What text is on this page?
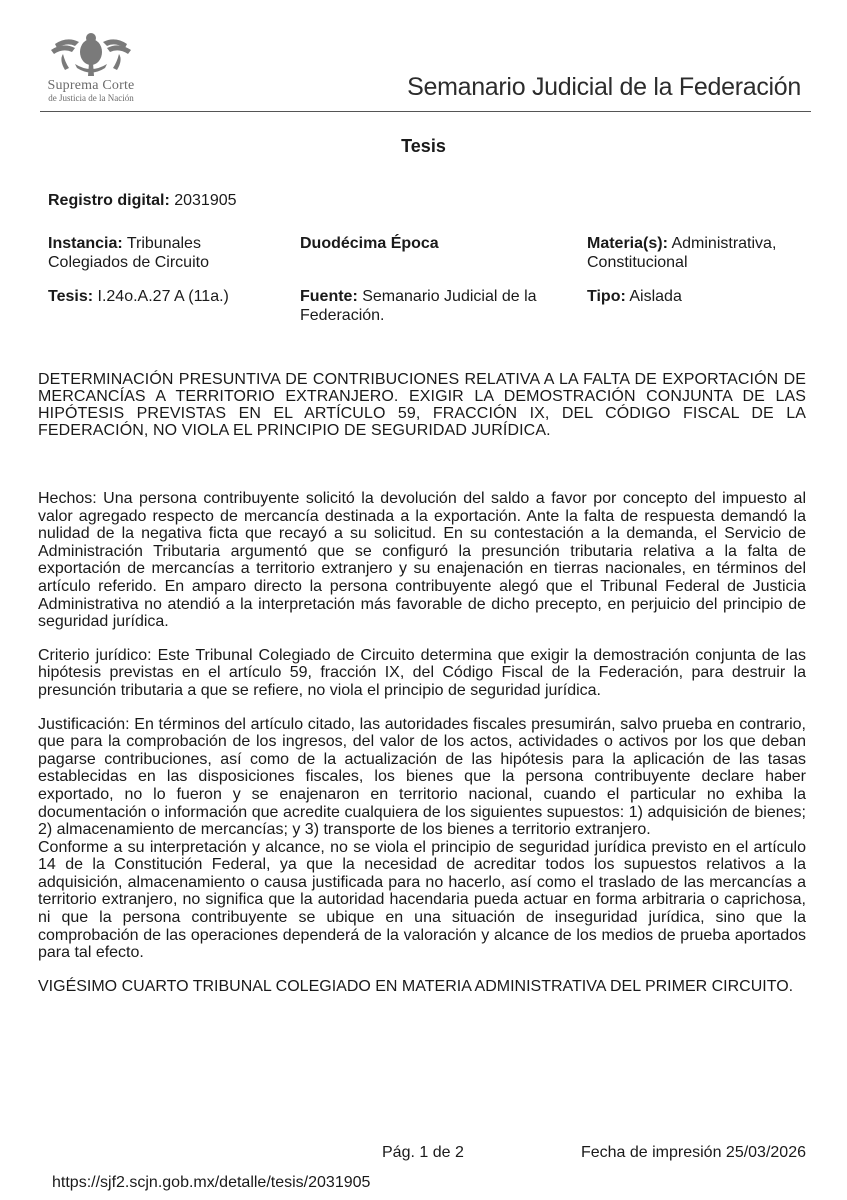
Suprema Corte
de Justicia de la Nación	Semanario Judicial de la Federación
Tesis
Registro digital: 2031905
Instancia: Tribunales Colegiados de Circuito
Duodécima Época	Materia(s): Administrativa, Constitucional
Tesis: I.24o.A.27 A (11a.)	Fuente: Semanario Judicial de la Federación.
Tipo: Aislada
DETERMINACIÓN PRESUNTIVA DE CONTRIBUCIONES RELATIVA A LA FALTA DE EXPORTACIÓN DE MERCANCÍAS A TERRITORIO EXTRANJERO. EXIGIR LA DEMOSTRACIÓN CONJUNTA DE LAS HIPÓTESIS PREVISTAS EN EL ARTÍCULO 59, FRACCIÓN IX, DEL CÓDIGO FISCAL DE LA FEDERACIÓN, NO VIOLA EL PRINCIPIO DE SEGURIDAD JURÍDICA.

Hechos: Una persona contribuyente solicitó la devolución del saldo a favor por concepto del impuesto al valor agregado respecto de mercancía destinada a la exportación. Ante la falta de respuesta demandó la nulidad de la negativa ficta que recayó a su solicitud. En su contestación a la demanda, el Servicio de Administración Tributaria argumentó que se configuró la presunción tributaria relativa a la falta de exportación de mercancías a territorio extranjero y su enajenación en tierras nacionales, en términos del artículo referido. En amparo directo la persona contribuyente alegó que el Tribunal Federal de Justicia Administrativa no atendió a la interpretación más favorable de dicho precepto, en perjuicio del principio de seguridad jurídica.

Criterio jurídico: Este Tribunal Colegiado de Circuito determina que exigir la demostración conjunta de las hipótesis previstas en el artículo 59, fracción IX, del Código Fiscal de la Federación, para destruir la presunción tributaria a que se refiere, no viola el principio de seguridad jurídica.

Justificación: En términos del artículo citado, las autoridades fiscales presumirán, salvo prueba en contrario, que para la comprobación de los ingresos, del valor de los actos, actividades o activos por los que deban pagarse contribuciones, así como de la actualización de las hipótesis para la aplicación de las tasas establecidas en las disposiciones fiscales, los bienes que la persona contribuyente declare haber exportado, no lo fueron y se enajenaron en territorio nacional, cuando el particular no exhiba la documentación o información que acredite cualquiera de los siguientes supuestos: 1) adquisición de bienes; 2) almacenamiento de mercancías; y 3) transporte de los bienes a territorio extranjero.

Conforme a su interpretación y alcance, no se viola el principio de seguridad jurídica previsto en el artículo 14 de la Constitución Federal, ya que la necesidad de acreditar todos los supuestos relativos a la adquisición, almacenamiento o causa justificada para no hacerlo, así como el traslado de las mercancías a territorio extranjero, no significa que la autoridad hacendaria pueda actuar en forma arbitraria o caprichosa, ni que la persona contribuyente se ubique en una situación de inseguridad jurídica, sino que la comprobación de las operaciones dependerá de la valoración y alcance de los medios de prueba aportados para tal efecto.

VIGÉSIMO CUARTO TRIBUNAL COLEGIADO EN MATERIA ADMINISTRATIVA DEL PRIMER CIRCUITO.

Pág. 1 de 2	Fecha de impresión 25/03/2026
https://sjf2.scjn.gob.mx/detalle/tesis/2031905
